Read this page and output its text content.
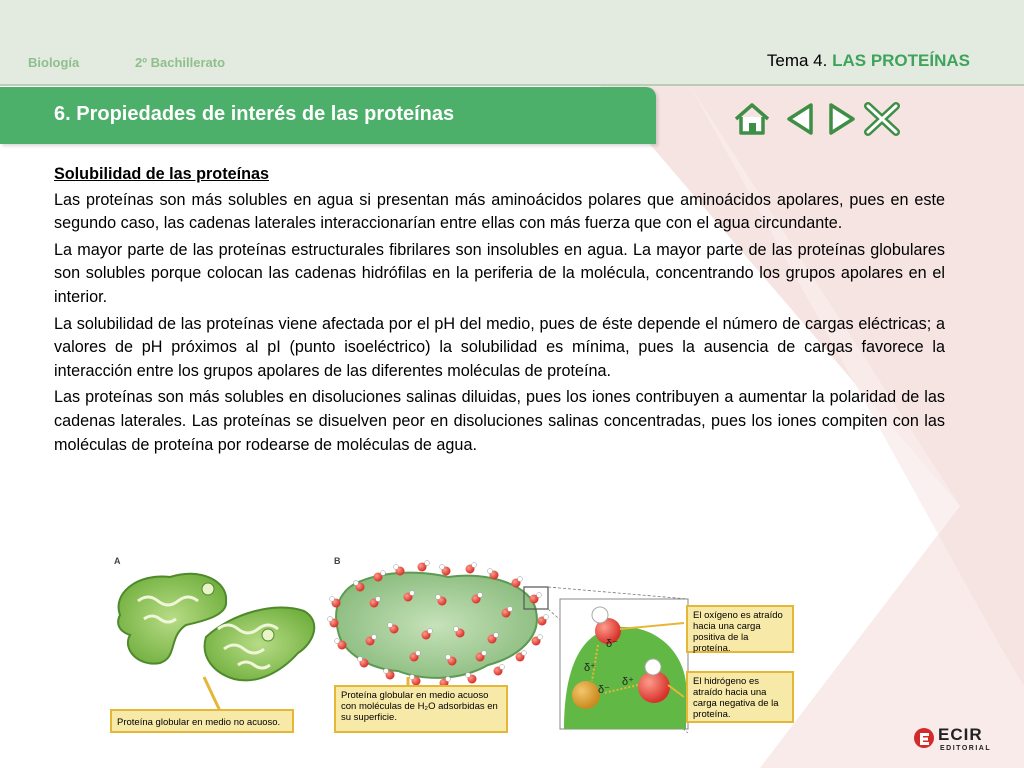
Biología	2º Bachillerato	Tema 4. LAS PROTEÍNAS
6. Propiedades de interés de las proteínas
Solubilidad de las proteínas

Las proteínas son más solubles en agua si presentan más aminoácidos polares que aminoácidos apolares, pues en este segundo caso, las cadenas laterales interaccionarían entre ellas con más fuerza que con el agua circundante.

La mayor parte de las proteínas estructurales fibrilares son insolubles en agua. La mayor parte de las proteínas globulares son solubles porque colocan las cadenas hidrófilas en la periferia de la molécula, concentrando los grupos apolares en el interior.

La solubilidad de las proteínas viene afectada por el pH del medio, pues de éste depende el número de cargas eléctricas; a valores de pH próximos al pI (punto isoeléctrico) la solubilidad es mínima, pues la ausencia de cargas favorece la interacción entre los grupos apolares de las diferentes moléculas de proteína.

Las proteínas son más solubles en disoluciones salinas diluidas, pues los iones contribuyen a aumentar la polaridad de las cadenas laterales. Las proteínas se disuelven peor en disoluciones salinas concentradas, pues los iones compiten con las moléculas de proteína por rodearse de moléculas de agua.

A	B
δ⁻
δ⁺
δ⁻
δ⁺
Proteína globular en medio no acuoso.
Proteína globular en medio acuoso con moléculas de H₂O adsorbidas en su superficie.
El oxígeno es atraído hacia una carga positiva de la proteína.
El hidrógeno es atraído hacia una carga negativa de la proteína.
ECIR
EDITORIAL
